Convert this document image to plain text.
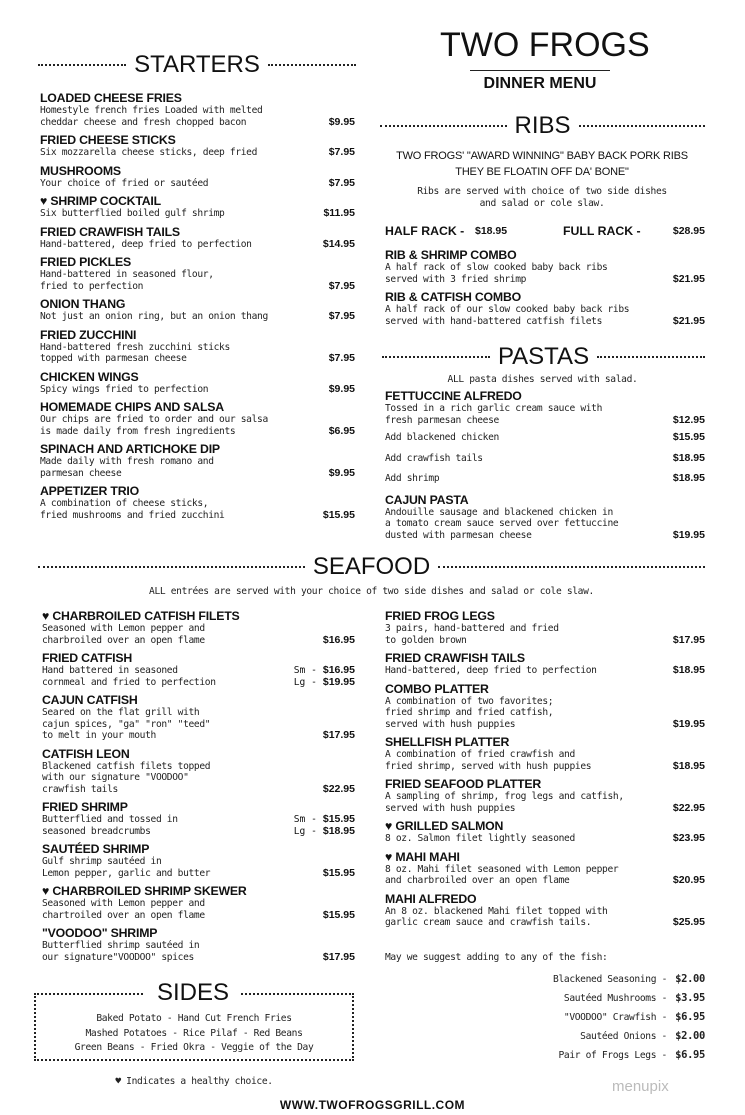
TWO FROGS
DINNER MENU
STARTERS
LOADED CHEESE FRIES
Homestyle french fries Loaded with melted
cheddar cheese and fresh chopped bacon	$9.95
FRIED CHEESE STICKS
Six mozzarella cheese sticks, deep fried	$7.95
MUSHROOMS
Your choice of fried or sautéed	$7.95
♥ SHRIMP COCKTAIL
Six butterflied boiled gulf shrimp	$11.95
FRIED CRAWFISH TAILS
Hand-battered, deep fried to perfection	$14.95
FRIED PICKLES
Hand-battered in seasoned flour,
fried to perfection	$7.95
ONION THANG
Not just an onion ring, but an onion thang	$7.95
FRIED ZUCCHINI
Hand-battered fresh zucchini sticks
topped with parmesan cheese	$7.95
CHICKEN WINGS
Spicy wings fried to perfection	$9.95
HOMEMADE CHIPS AND SALSA
Our chips are fried to order and our salsa
is made daily from fresh ingredients	$6.95
SPINACH AND ARTICHOKE DIP
Made daily with fresh romano and
parmesan cheese	$9.95
APPETIZER TRIO
A combination of cheese sticks,
fried mushrooms and fried zucchini	$15.95
RIBS
TWO FROGS' "AWARD WINNING" BABY BACK PORK RIBS
THEY BE FLOATIN OFF DA' BONE"
Ribs are served with choice of two side dishes
and salad or cole slaw.
HALF RACK - $18.95	FULL RACK -	$28.95
RIB & SHRIMP COMBO
A half rack of slow cooked baby back ribs
served with 3 fried shrimp	$21.95
RIB & CATFISH COMBO
A half rack of our slow cooked baby back ribs
served with hand-battered catfish filets	$21.95
PASTAS
ALL pasta dishes served with salad.
FETTUCCINE ALFREDO
Tossed in a rich garlic cream sauce with
fresh parmesan cheese	$12.95
Add blackened chicken	$15.95
Add crawfish tails	$18.95
Add shrimp	$18.95
CAJUN PASTA
Andouille sausage and blackened chicken in
a tomato cream sauce served over fettuccine
dusted with parmesan cheese	$19.95
SEAFOOD
ALL entrées are served with your choice of two side dishes and salad or cole slaw.
♥ CHARBROILED CATFISH FILETS
Seasoned with Lemon pepper and
charbroiled over an open flame	$16.95
FRIED CATFISH
Hand battered in seasoned
cornmeal and fried to perfection
Sm - $16.95
Lg - $19.95
CAJUN CATFISH
Seared on the flat grill with
cajun spices, "ga" "ron" "teed"
to melt in your mouth	$17.95
CATFISH LEON
Blackened catfish filets topped
with our signature "VOODOO"
crawfish tails	$22.95
FRIED SHRIMP
Butterflied and tossed in
seasoned breadcrumbs
Sm - $15.95
Lg - $18.95
SAUTÉED SHRIMP
Gulf shrimp sautéed in
Lemon pepper, garlic and butter	$15.95
♥ CHARBROILED SHRIMP SKEWER
Seasoned with Lemon pepper and
chartroiled over an open flame	$15.95
"VOODOO" SHRIMP
Butterflied shrimp sautéed in
our signature"VOODOO" spices	$17.95
FRIED FROG LEGS
3 pairs, hand-battered and fried
to golden brown	$17.95
FRIED CRAWFISH TAILS
Hand-battered, deep fried to perfection	$18.95
COMBO PLATTER
A combination of two favorites;
fried shrimp and fried catfish,
served with hush puppies	$19.95
SHELLFISH PLATTER
A combination of fried crawfish and
fried shrimp, served with hush puppies	$18.95
FRIED SEAFOOD PLATTER
A sampling of shrimp, frog legs and catfish,
served with hush puppies	$22.95
♥ GRILLED SALMON
8 oz. Salmon filet lightly seasoned	$23.95
♥ MAHI MAHI
8 oz. Mahi filet seasoned with Lemon pepper
and charbroiled over an open flame	$20.95
MAHI ALFREDO
An 8 oz. blackened Mahi filet topped with
garlic cream sauce and crawfish tails.	$25.95
May we suggest adding to any of the fish:
Blackened Seasoning - $2.00
Sautéed Mushrooms - $3.95
"VOODOO" Crawfish - $6.95
Sautéed Onions - $2.00
Pair of Frogs Legs - $6.95
menupix
Baked Potato - Hand Cut French Fries
Mashed Potatoes - Rice Pilaf - Red Beans
Green Beans - Fried Okra - Veggie of the Day
SIDES
♥ Indicates a healthy choice.
WWW.TWOFROGSGRILL.COM
